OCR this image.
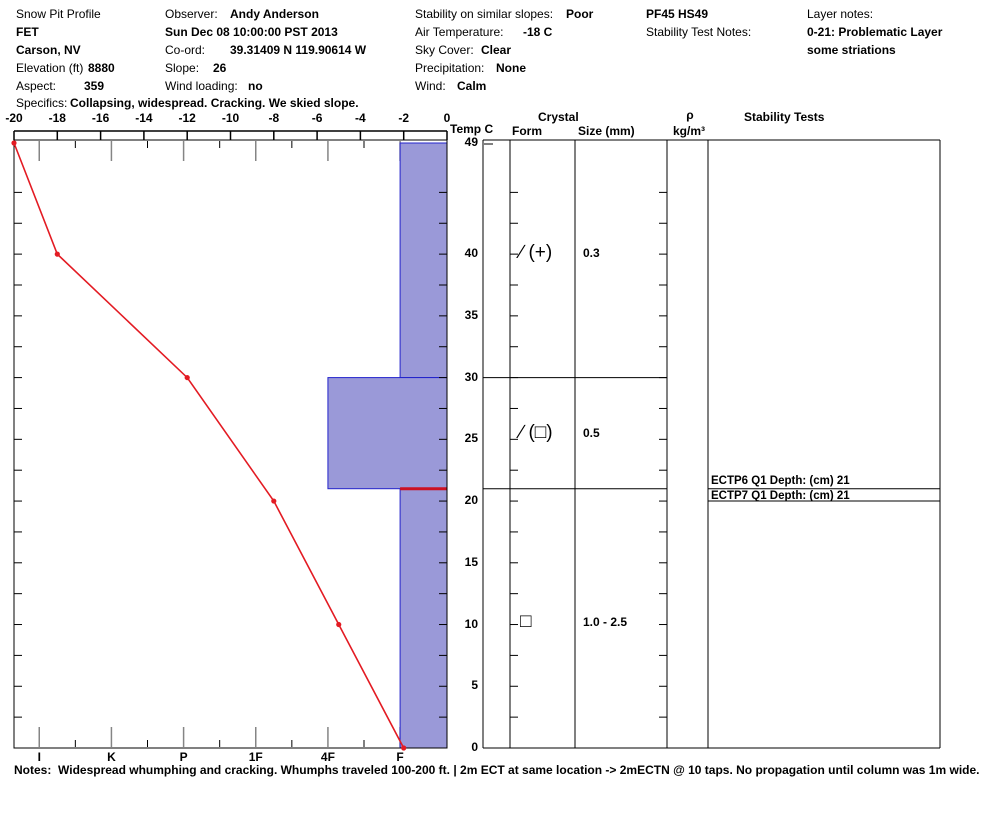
Snow Pit Profile
FET
Carson, NV
Elevation (ft) 8880
Aspect: 359
Observer: Andy Anderson
Sun Dec 08 10:00:00 PST 2013
Co-ord: 39.31409 N 119.90614 W
Slope: 26
Wind loading: no
Stability on similar slopes: Poor
Air Temperature: -18 C
Sky Cover: Clear
Precipitation: None
Wind: Calm
PF45 HS49
Stability Test Notes:
Layer notes:
0-21: Problematic Layer
some striations
Specifics: Collapsing, widespread. Cracking. We skied slope.
-20 -18 -16 -14 -12 -10 -8	-6	-4	-2	0
Temp C
49
40
35
30
25
20
15
10
5
0
I	K	P	1F	4F	F
Crystal
Form	Size (mm)
ρ
kg/m³
Stability Tests
∕ (+)	0.3
∕ (□)	0.5
□	1.0 - 2.5
ECTP6 Q1 Depth: (cm) 21
ECTP7 Q1 Depth: (cm) 21
Notes: Widespread whumphing and cracking. Whumphs traveled 100-200 ft. | 2m ECT at same location -> 2mECTN @ 10 taps. No propagation until column was 1m wide.
